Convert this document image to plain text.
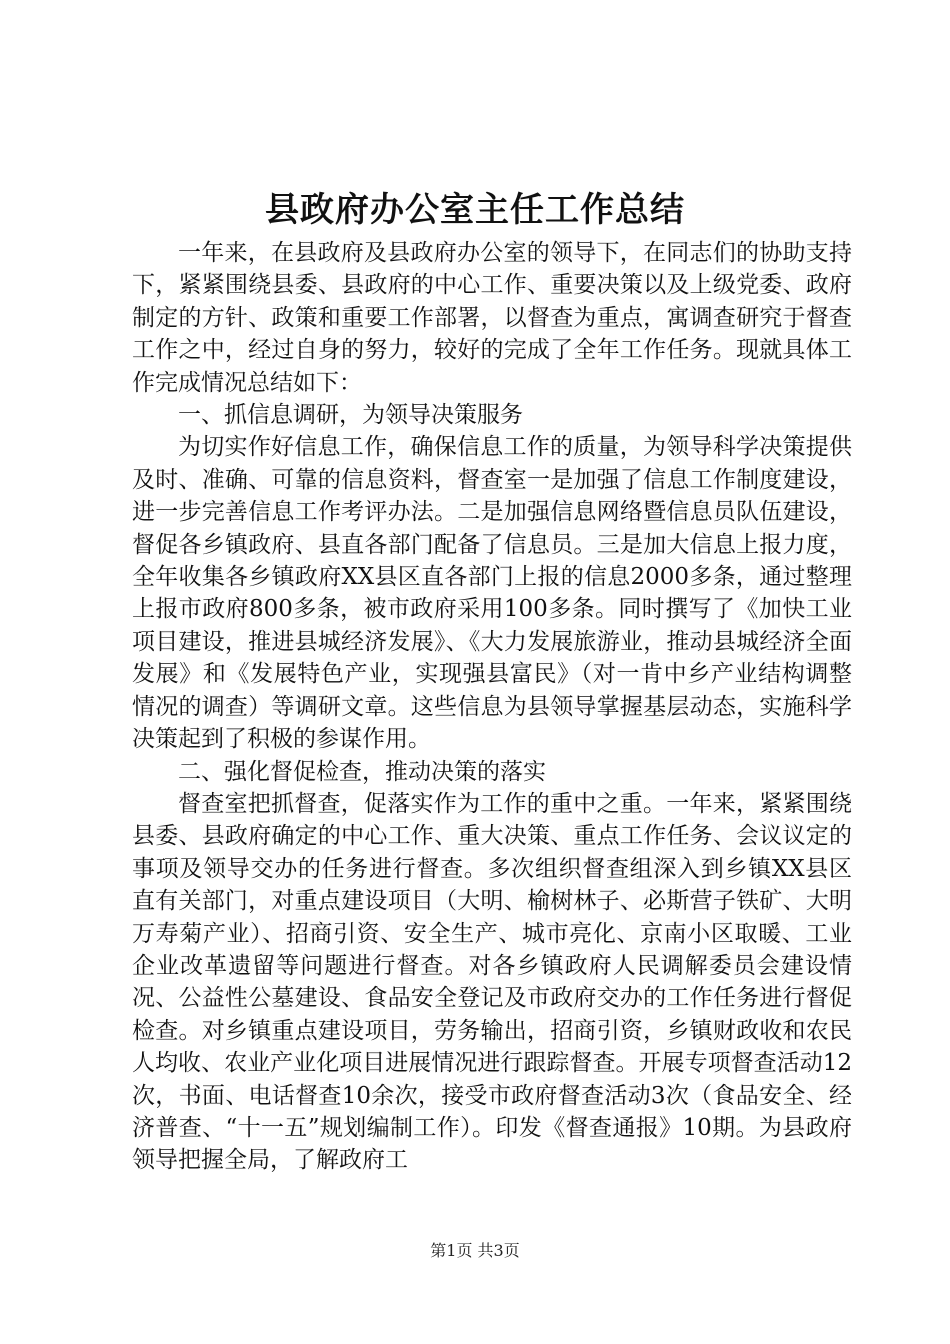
县政府办公室主任工作总结

一年来，在县政府及县政府办公室的领导下，在同志们的协助支持下，紧紧围绕县委、县政府的中心工作、重要决策以及上级党委、政府制定的方针、政策和重要工作部署，以督查为重点，寓调查研究于督查工作之中，经过自身的努力，较好的完成了全年工作任务。现就具体工作完成情况总结如下：

一、抓信息调研，为领导决策服务

为切实作好信息工作，确保信息工作的质量，为领导科学决策提供及时、准确、可靠的信息资料，督查室一是加强了信息工作制度建设，进一步完善信息工作考评办法。二是加强信息网络暨信息员队伍建设，督促各乡镇政府、县直各部门配备了信息员。三是加大信息上报力度，全年收集各乡镇政府XX县区直各部门上报的信息2000多条，通过整理上报市政府800多条，被市政府采用100多条。同时撰写了《加快工业项目建设，推进县城经济发展》、《大力发展旅游业，推动县城经济全面发展》和《发展特色产业，实现强县富民》（对一肯中乡产业结构调整情况的调查）等调研文章。这些信息为县领导掌握基层动态，实施科学决策起到了积极的参谋作用。

二、强化督促检查，推动决策的落实

督查室把抓督查，促落实作为工作的重中之重。一年来，紧紧围绕县委、县政府确定的中心工作、重大决策、重点工作任务、会议议定的事项及领导交办的任务进行督查。多次组织督查组深入到乡镇XX县区直有关部门，对重点建设项目（大明、榆树林子、必斯营子铁矿、大明万寿菊产业）、招商引资、安全生产、城市亮化、京南小区取暖、工业企业改革遗留等问题进行督查。对各乡镇政府人民调解委员会建设情况、公益性公墓建设、食品安全登记及市政府交办的工作任务进行督促检查。对乡镇重点建设项目，劳务输出，招商引资，乡镇财政收和农民人均收、农业产业化项目进展情况进行跟踪督查。开展专项督查活动12次，书面、电话督查10余次，接受市政府督查活动3次（食品安全、经济普查、“十一五”规划编制工作）。印发《督查通报》10期。为县政府领导把握全局，了解政府工

第1页 共3页
